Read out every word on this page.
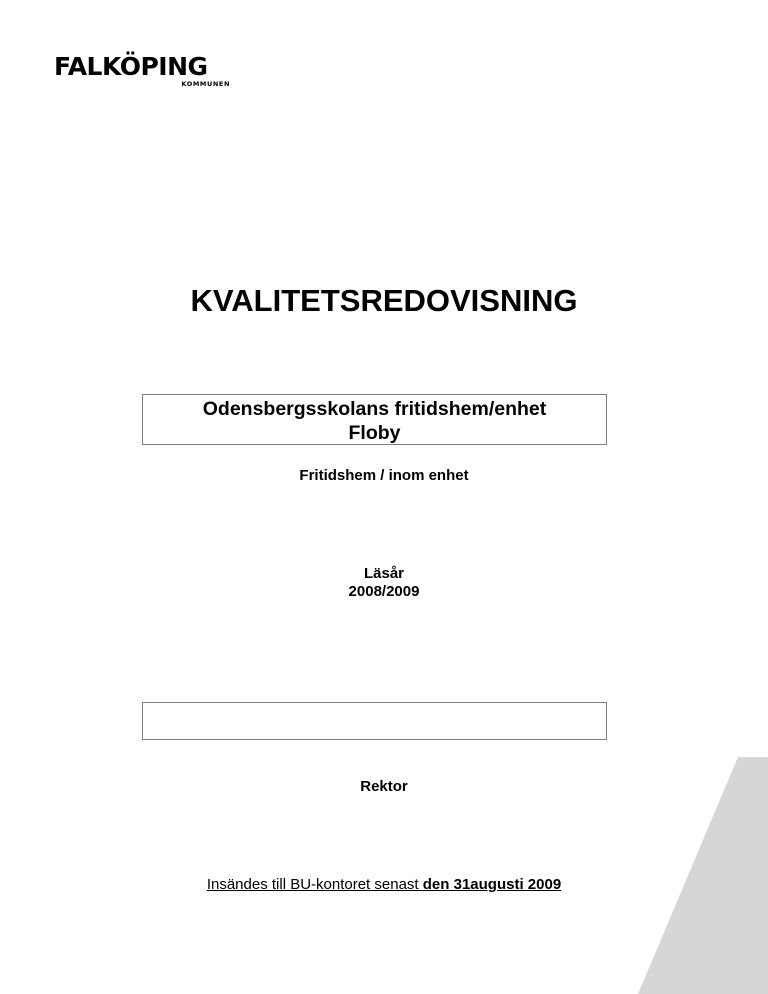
FALKÖPING
KOMMUNEN
KVALITETSREDOVISNING
Odensbergsskolans fritidshem/enhet
Floby
Fritidshem / inom enhet
Läsår
2008/2009
Rektor
Insändes till BU-kontoret senast den 31augusti 2009
